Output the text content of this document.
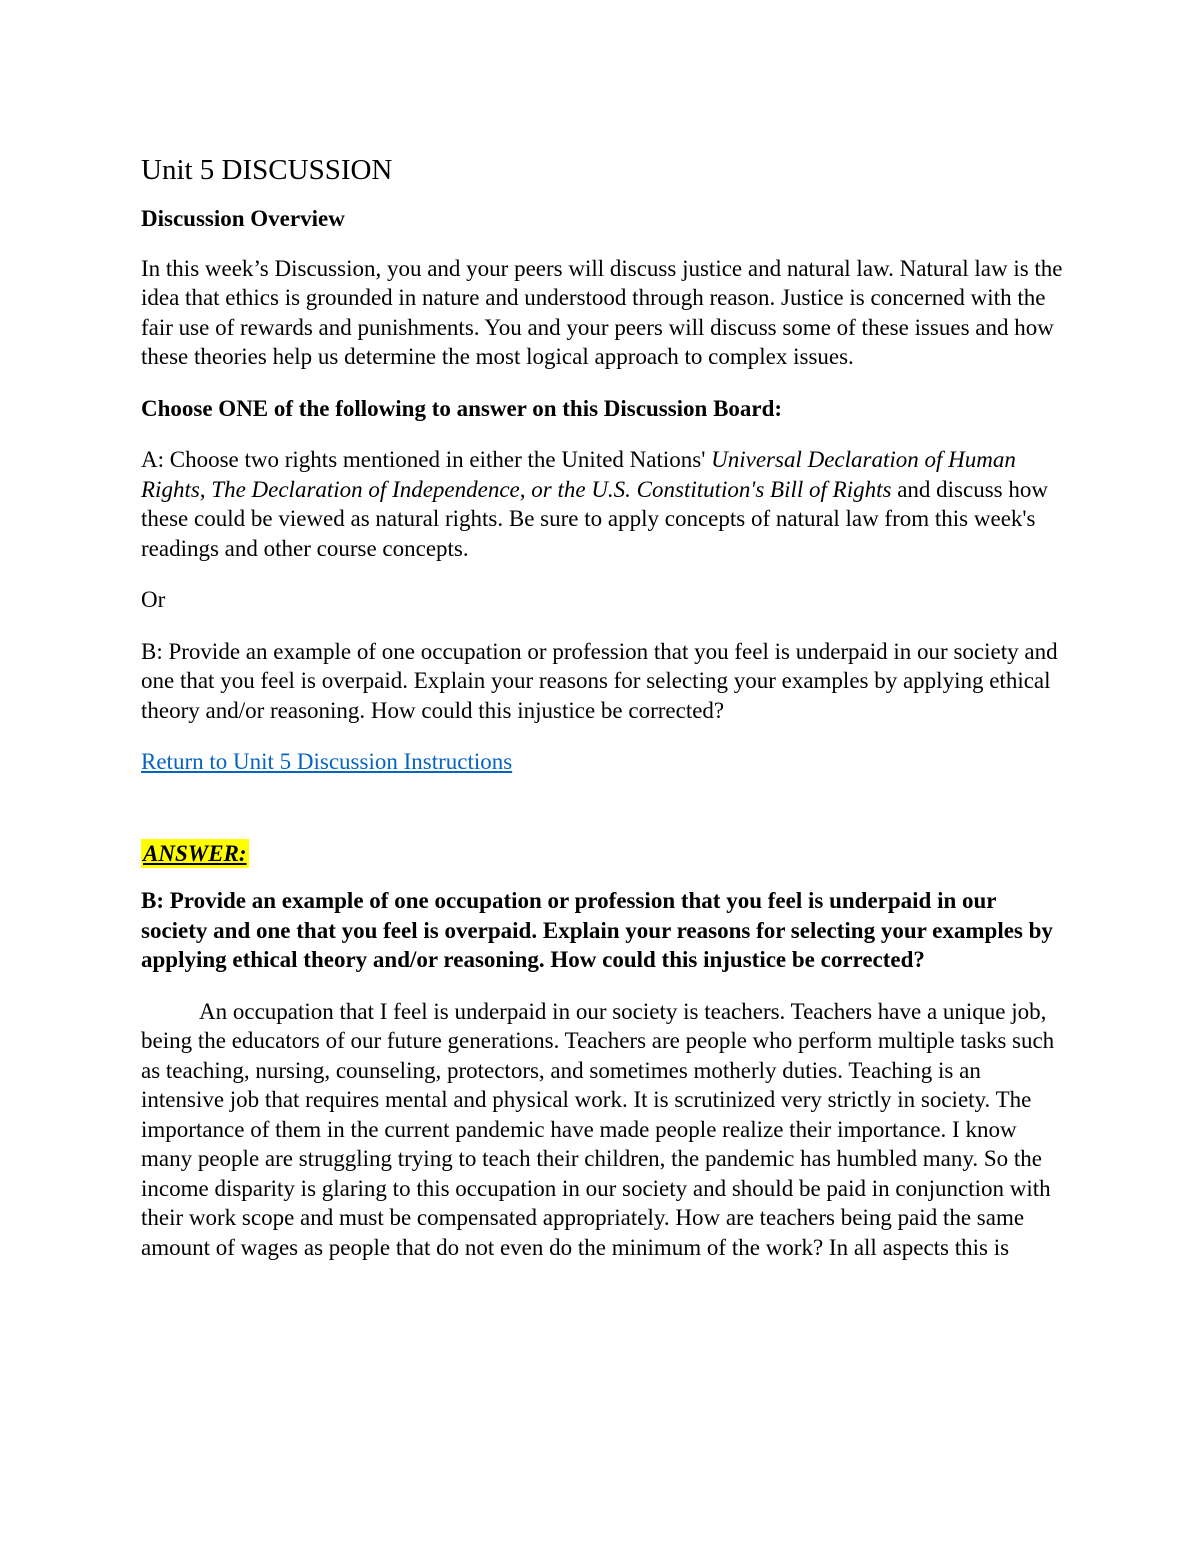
Unit 5 DISCUSSION
Discussion Overview

In this week’s Discussion, you and your peers will discuss justice and natural law. Natural law is the idea that ethics is grounded in nature and understood through reason. Justice is concerned with the fair use of rewards and punishments. You and your peers will discuss some of these issues and how these theories help us determine the most logical approach to complex issues.

Choose ONE of the following to answer on this Discussion Board:

A: Choose two rights mentioned in either the United Nations' Universal Declaration of Human Rights, The Declaration of Independence, or the U.S. Constitution's Bill of Rights and discuss how these could be viewed as natural rights. Be sure to apply concepts of natural law from this week's readings and other course concepts.

Or

B: Provide an example of one occupation or profession that you feel is underpaid in our society and one that you feel is overpaid. Explain your reasons for selecting your examples by applying ethical theory and/or reasoning. How could this injustice be corrected?

Return to Unit 5 Discussion Instructions

ANSWER:

B: Provide an example of one occupation or profession that you feel is underpaid in our society and one that you feel is overpaid. Explain your reasons for selecting your examples by applying ethical theory and/or reasoning. How could this injustice be corrected?

An occupation that I feel is underpaid in our society is teachers. Teachers have a unique job, being the educators of our future generations. Teachers are people who perform multiple tasks such as teaching, nursing, counseling, protectors, and sometimes motherly duties. Teaching is an intensive job that requires mental and physical work. It is scrutinized very strictly in society. The importance of them in the current pandemic have made people realize their importance. I know many people are struggling trying to teach their children, the pandemic has humbled many. So the income disparity is glaring to this occupation in our society and should be paid in conjunction with their work scope and must be compensated appropriately. How are teachers being paid the same amount of wages as people that do not even do the minimum of the work? In all aspects this is
